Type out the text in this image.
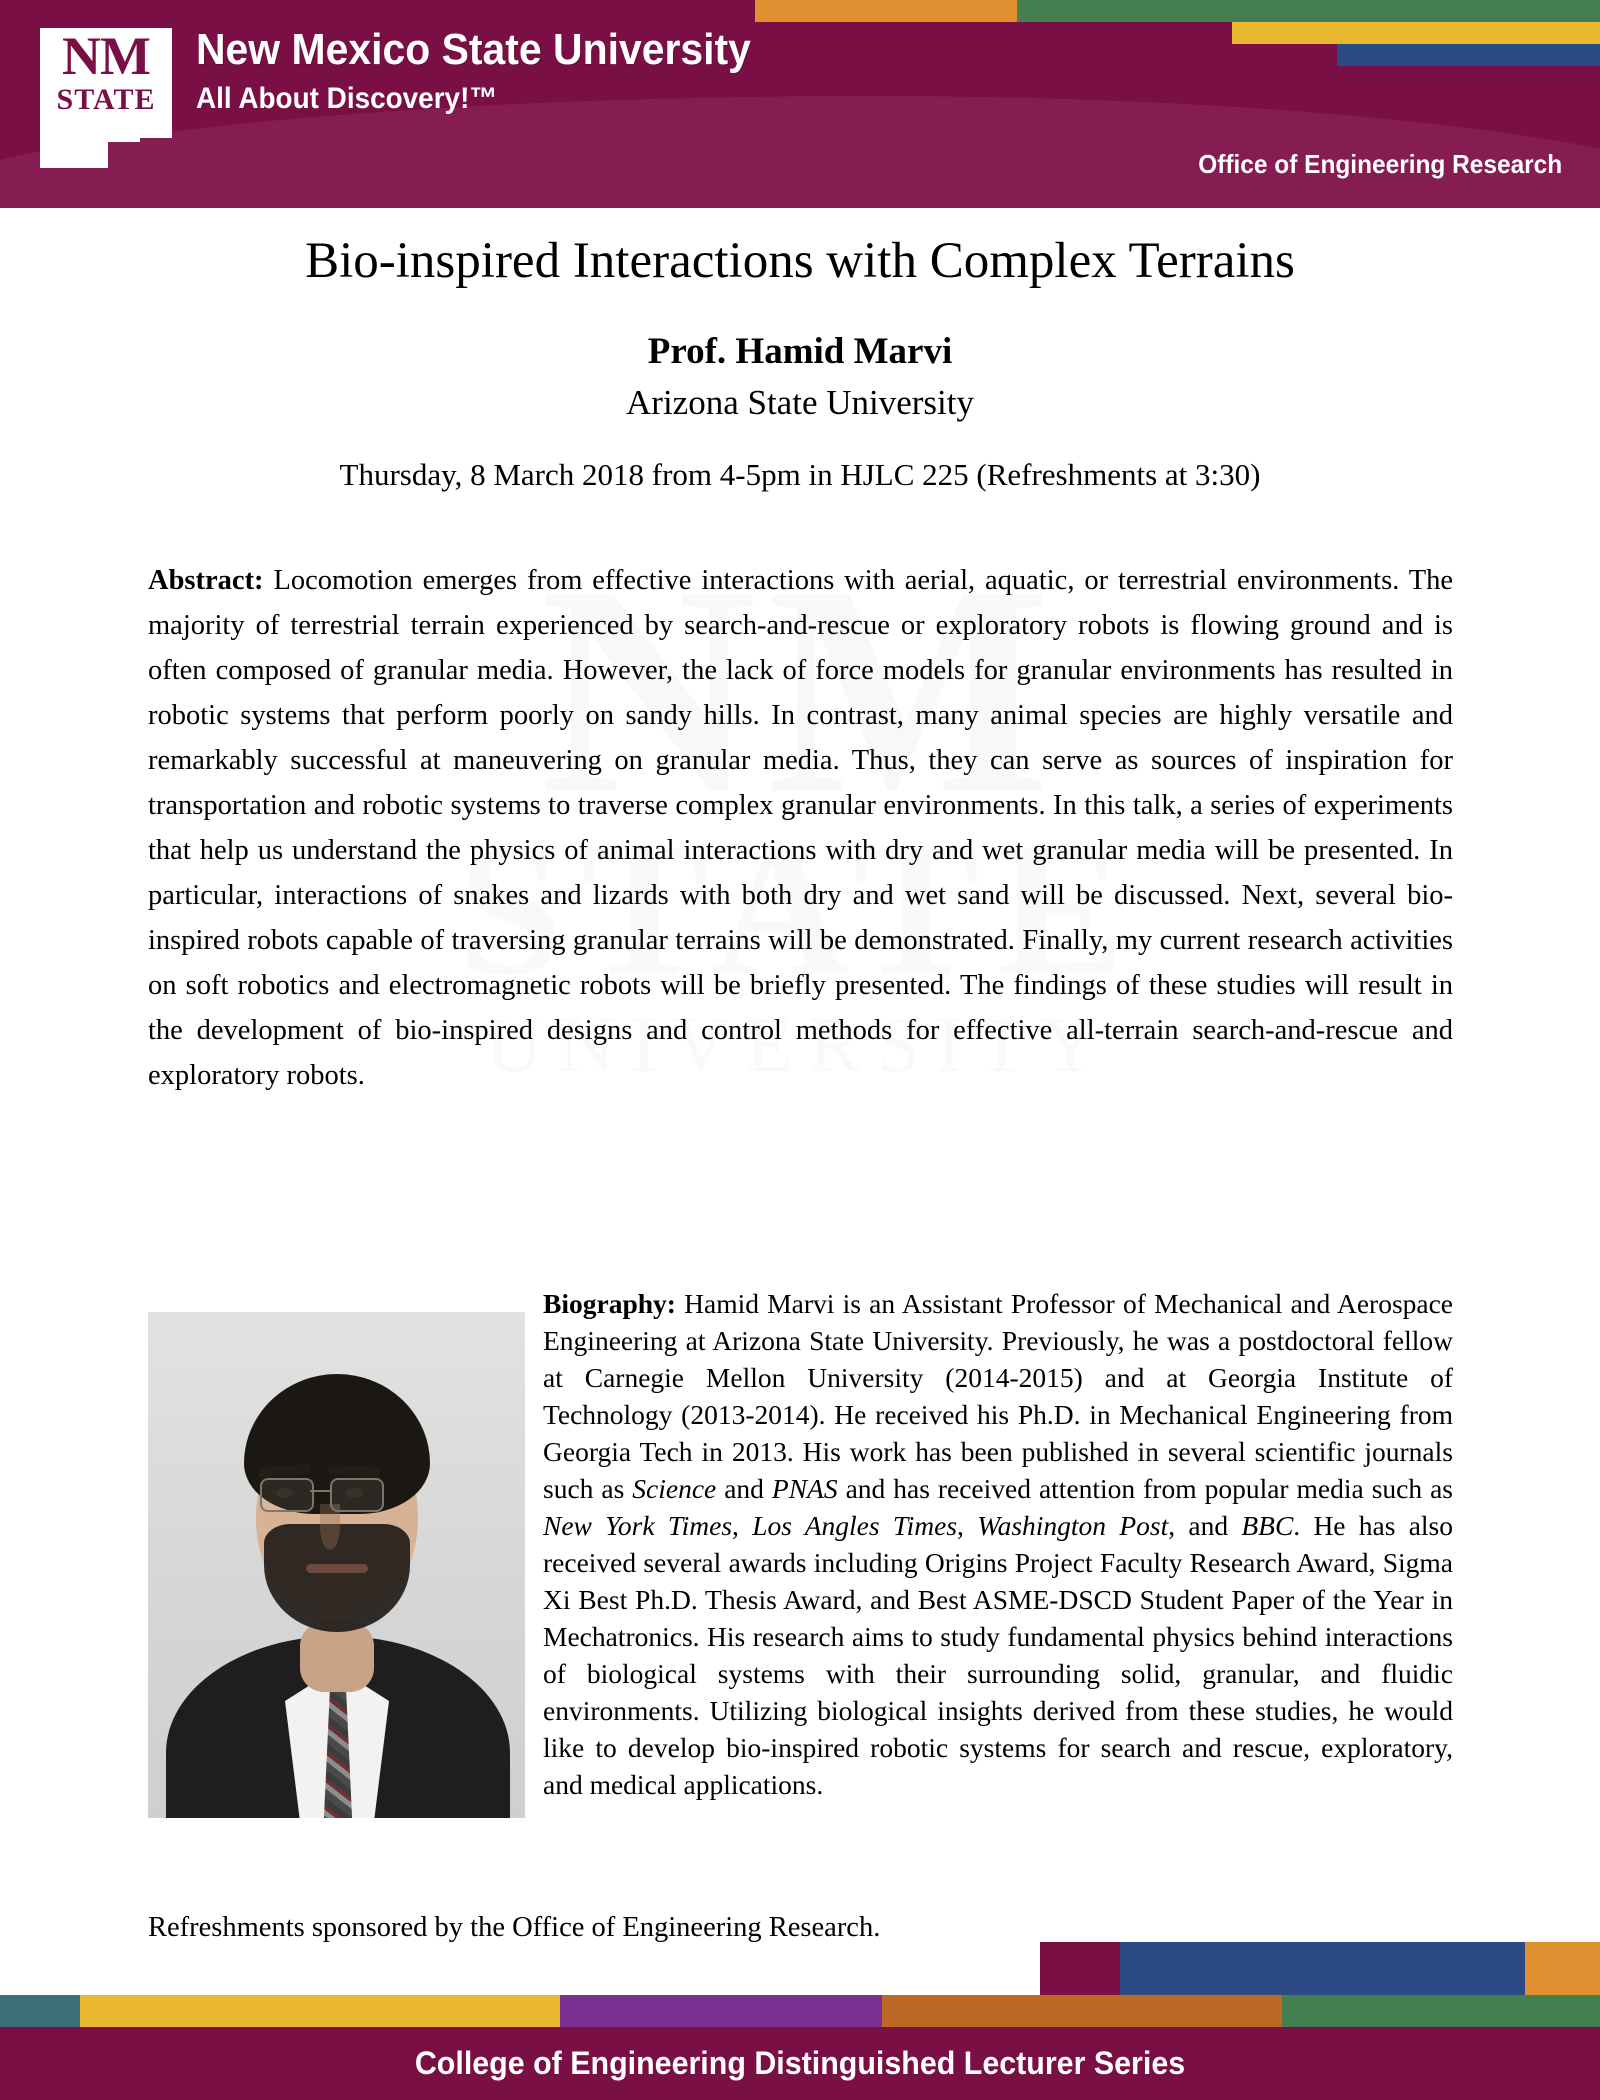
NM
STATE
New Mexico State University
All About Discovery!™
Office of Engineering Research
Bio-inspired Interactions with Complex Terrains
Prof. Hamid Marvi
Arizona State University
Thursday, 8 March 2018 from 4-5pm in HJLC 225 (Refreshments at 3:30)
Abstract: Locomotion emerges from effective interactions with aerial, aquatic, or terrestrial environments. The majority of terrestrial terrain experienced by search-and-rescue or exploratory robots is flowing ground and is often composed of granular media. However, the lack of force models for granular environments has resulted in robotic systems that perform poorly on sandy hills. In contrast, many animal species are highly versatile and remarkably successful at maneuvering on granular media. Thus, they can serve as sources of inspiration for transportation and robotic systems to traverse complex granular environments. In this talk, a series of experiments that help us understand the physics of animal interactions with dry and wet granular media will be presented. In particular, interactions of snakes and lizards with both dry and wet sand will be discussed. Next, several bio-inspired robots capable of traversing granular terrains will be demonstrated. Finally, my current research activities on soft robotics and electromagnetic robots will be briefly presented. The findings of these studies will result in the development of bio-inspired designs and control methods for effective all-terrain search-and-rescue and exploratory robots.
Biography: Hamid Marvi is an Assistant Professor of Mechanical and Aerospace Engineering at Arizona State University. Previously, he was a postdoctoral fellow at Carnegie Mellon University (2014-2015) and at Georgia Institute of Technology (2013-2014). He received his Ph.D. in Mechanical Engineering from Georgia Tech in 2013. His work has been published in several scientific journals such as Science and PNAS and has received attention from popular media such as New York Times, Los Angles Times, Washington Post, and BBC. He has also received several awards including Origins Project Faculty Research Award, Sigma Xi Best Ph.D. Thesis Award, and Best ASME-DSCD Student Paper of the Year in Mechatronics. His research aims to study fundamental physics behind interactions of biological systems with their surrounding solid, granular, and fluidic environments. Utilizing biological insights derived from these studies, he would like to develop bio-inspired robotic systems for search and rescue, exploratory, and medical applications.
Refreshments sponsored by the Office of Engineering Research.
College of Engineering Distinguished Lecturer Series
